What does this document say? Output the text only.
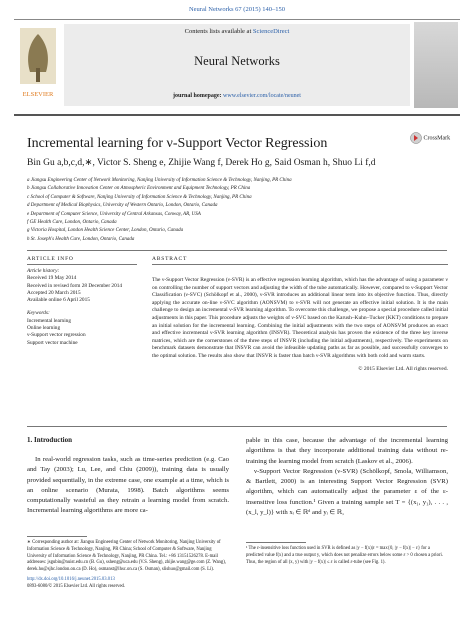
Neural Networks 67 (2015) 140–150
ELSEVIER
Contents lists available at ScienceDirect
Neural Networks
journal homepage: www.elsevier.com/locate/neunet
Incremental learning for ν-Support Vector Regression	CrossMark
Bin Gu a,b,c,d,∗, Victor S. Sheng e, Zhijie Wang f, Derek Ho g, Said Osman h, Shuo Li f,d
a Jiangsu Engineering Center of Network Monitoring, Nanjing University of Information Science & Technology, Nanjing, PR China
b Jiangsu Collaborative Innovation Center on Atmospheric Environment and Equipment Technology, PR China
c School of Computer & Software, Nanjing University of Information Science & Technology, Nanjing, PR China
d Department of Medical Biophysics, University of Western Ontario, London, Ontario, Canada
e Department of Computer Science, University of Central Arkansas, Conway, AR, USA
f GE Health Care, London, Ontario, Canada
g Victoria Hospital, London Health Science Center, London, Ontario, Canada
h St. Joseph's Health Care, London, Ontario, Canada
ARTICLE INFO	ABSTRACT
Article history:
Received 19 May 2014
Received in revised form 28 December 2014
Accepted 20 March 2015
Available online 6 April 2015
Keywords:
Incremental learning
Online learning
ν-Support vector regression
Support vector machine
The ν-Support Vector Regression (ν-SVR) is an effective regression learning algorithm, which has the advantage of using a parameter ν on controlling the number of support vectors and adjusting the width of the tube automatically. However, compared to ν-Support Vector Classification (ν-SVC) (Schölkopf et al., 2000), ν-SVR introduces an additional linear term into its objective function. Thus, directly applying the accurate on-line ν-SVC algorithm (AONSVM) to ν-SVR will not generate an effective initial solution. It is the main challenge to design an incremental ν-SVR learning algorithm. To overcome this challenge, we propose a special procedure called initial adjustments in this paper. This procedure adjusts the weights of ν-SVC based on the Karush–Kuhn–Tucker (KKT) conditions to prepare an initial solution for the incremental learning. Combining the initial adjustments with the two steps of AONSVM produces an exact and effective incremental ν-SVR learning algorithm (INSVR). Theoretical analysis has proven the existence of the three key inverse matrices, which are the cornerstones of the three steps of INSVR (including the initial adjustments), respectively. The experiments on benchmark datasets demonstrate that INSVR can avoid the infeasible updating paths as far as possible, and successfully converges to the optimal solution. The results also show that INSVR is faster than batch ν-SVR algorithms with both cold and warm starts.
© 2015 Elsevier Ltd. All rights reserved.
1. Introduction

In real-world regression tasks, such as time-series prediction (e.g. Cao and Tay (2003); Lu, Lee, and Chiu (2009)), training data is usually provided sequentially, in the extreme case, one example at a time, which is an online scenario (Murata, 1998). Batch algorithms seems computationally wasteful as they retrain a learning model from scratch. Incremental learning algorithms are more ca-

pable in this case, because the advantage of the incremental learning algorithms is that they incorporate additional training data without re-training the learning model from scratch (Laskov et al., 2006).

ν-Support Vector Regression (ν-SVR) (Schölkopf, Smola, Williamson, & Bartlett, 2000) is an interesting Support Vector Regression (SVR) algorithm, which can automatically adjust the parameter ε of the ε-insensitive loss function.¹ Given a training sample set T = {(x₁, y₁), . . . , (x_l, y_l)} with xᵢ ∈ ℝᵈ and yᵢ ∈ ℝ,

∗ Corresponding author at: Jiangsu Engineering Center of Network Monitoring, Nanjing University of Information Science & Technology, Nanjing, PR China; School of Computer & Software, Nanjing University of Information Science & Technology, Nanjing, PR China. Tel.: +86 13151526278. E-mail addresses: jsgubin@nuist.edu.cn (B. Gu), ssheng@uca.edu (V.S. Sheng), zhijie.wang@ge.com (Z. Wang), derek.ho@sjhc.london.on.ca (D. Ho), osmanst@lhsc.on.ca (S. Osman), slishuo@gmail.com (S. Li).
http://dx.doi.org/10.1016/j.neunet.2015.03.013
0893-6080/© 2015 Elsevier Ltd. All rights reserved.
¹ The ε-insensitive loss function used in SVR is defined as |y − f(x)|ε = max{0, |y − f(x)| − ε} for a predicted value f(x) and a true output y, which does not penalize errors below some ε > 0 chosen a priori. Thus, the region of all (x, y) with |y − f(x)| ≤ ε is called ε-tube (see Fig. 1).
